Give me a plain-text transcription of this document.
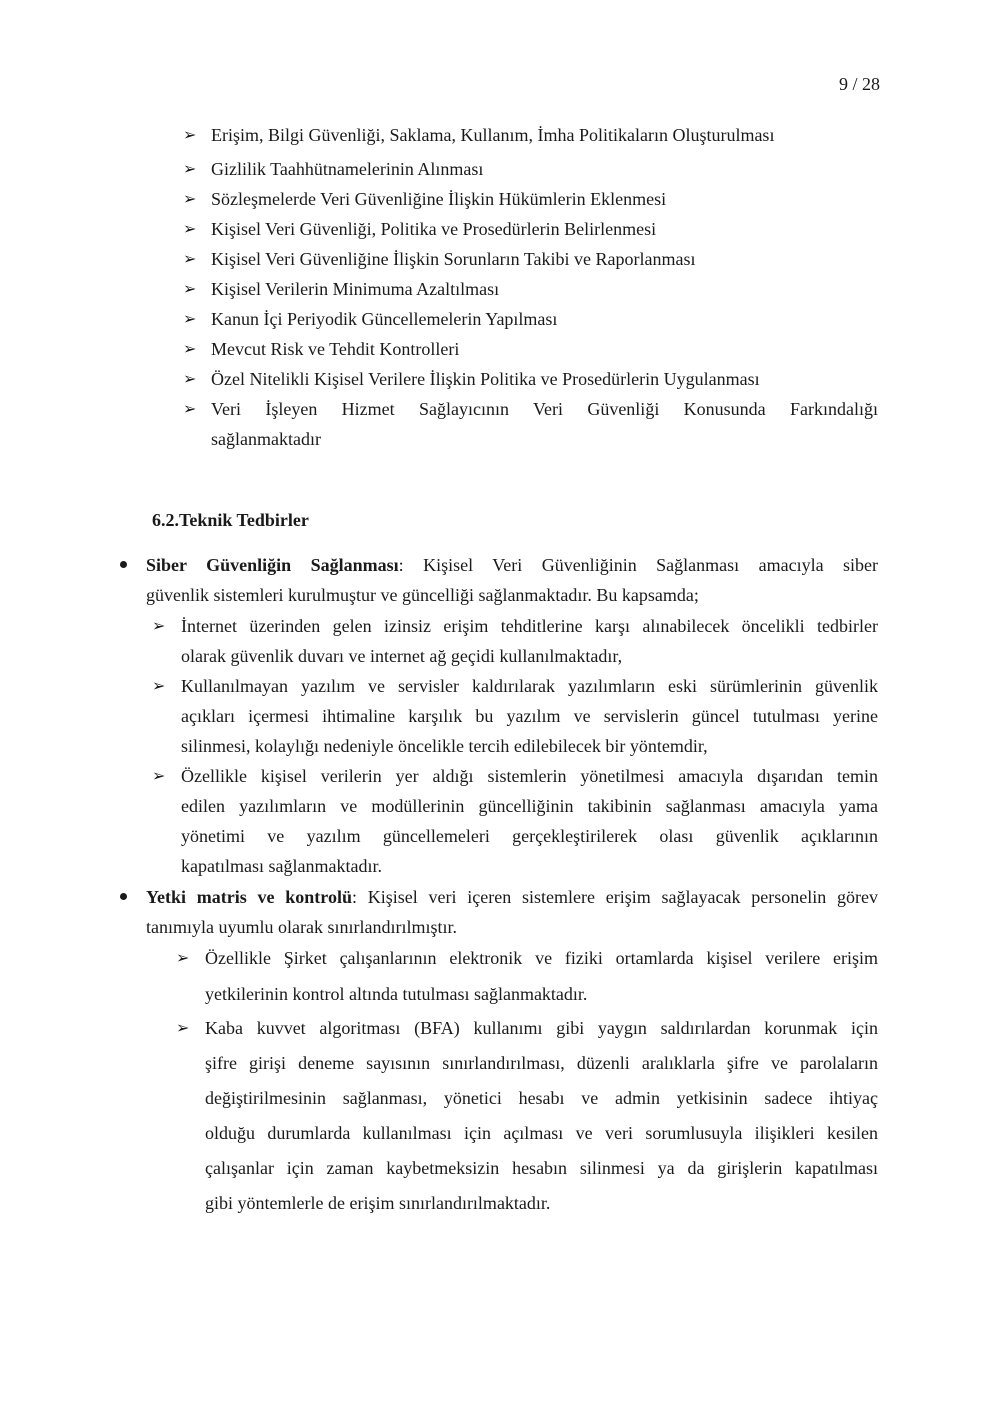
9 / 28
➢ Erişim, Bilgi Güvenliği, Saklama, Kullanım, İmha Politikaların Oluşturulması
➢ Gizlilik Taahhütnamelerinin Alınması
➢ Sözleşmelerde Veri Güvenliğine İlişkin Hükümlerin Eklenmesi
➢ Kişisel Veri Güvenliği, Politika ve Prosedürlerin Belirlenmesi
➢ Kişisel Veri Güvenliğine İlişkin Sorunların Takibi ve Raporlanması
➢ Kişisel Verilerin Minimuma Azaltılması
➢ Kanun İçi Periyodik Güncellemelerin Yapılması
➢ Mevcut Risk ve Tehdit Kontrolleri
➢ Özel Nitelikli Kişisel Verilere İlişkin Politika ve Prosedürlerin Uygulanması
➢ Veri İşleyen Hizmet Sağlayıcının Veri Güvenliği Konusunda Farkındalığı
sağlanmaktadır
6.2.Teknik Tedbirler
Siber Güvenliğin Sağlanması: Kişisel Veri Güvenliğinin Sağlanması amacıyla siber
güvenlik sistemleri kurulmuştur ve güncelliği sağlanmaktadır. Bu kapsamda;
➢ İnternet üzerinden gelen izinsiz erişim tehditlerine karşı alınabilecek öncelikli tedbirler
olarak güvenlik duvarı ve internet ağ geçidi kullanılmaktadır,
➢ Kullanılmayan yazılım ve servisler kaldırılarak yazılımların eski sürümlerinin güvenlik
açıkları içermesi ihtimaline karşılık bu yazılım ve servislerin güncel tutulması yerine
silinmesi, kolaylığı nedeniyle öncelikle tercih edilebilecek bir yöntemdir,
➢ Özellikle kişisel verilerin yer aldığı sistemlerin yönetilmesi amacıyla dışarıdan temin
edilen yazılımların ve modüllerinin güncelliğinin takibinin sağlanması amacıyla yama
yönetimi ve yazılım güncellemeleri gerçekleştirilerek olası güvenlik açıklarının
kapatılması sağlanmaktadır.
Yetki matris ve kontrolü: Kişisel veri içeren sistemlere erişim sağlayacak personelin görev
tanımıyla uyumlu olarak sınırlandırılmıştır.
➢ Özellikle Şirket çalışanlarının elektronik ve fiziki ortamlarda kişisel verilere erişim
yetkilerinin kontrol altında tutulması sağlanmaktadır.
➢ Kaba kuvvet algoritması (BFA) kullanımı gibi yaygın saldırılardan korunmak için
şifre girişi deneme sayısının sınırlandırılması, düzenli aralıklarla şifre ve parolaların
değiştirilmesinin sağlanması, yönetici hesabı ve admin yetkisinin sadece ihtiyaç
olduğu durumlarda kullanılması için açılması ve veri sorumlusuyla ilişikleri kesilen
çalışanlar için zaman kaybetmeksizin hesabın silinmesi ya da girişlerin kapatılması
gibi yöntemlerle de erişim sınırlandırılmaktadır.
